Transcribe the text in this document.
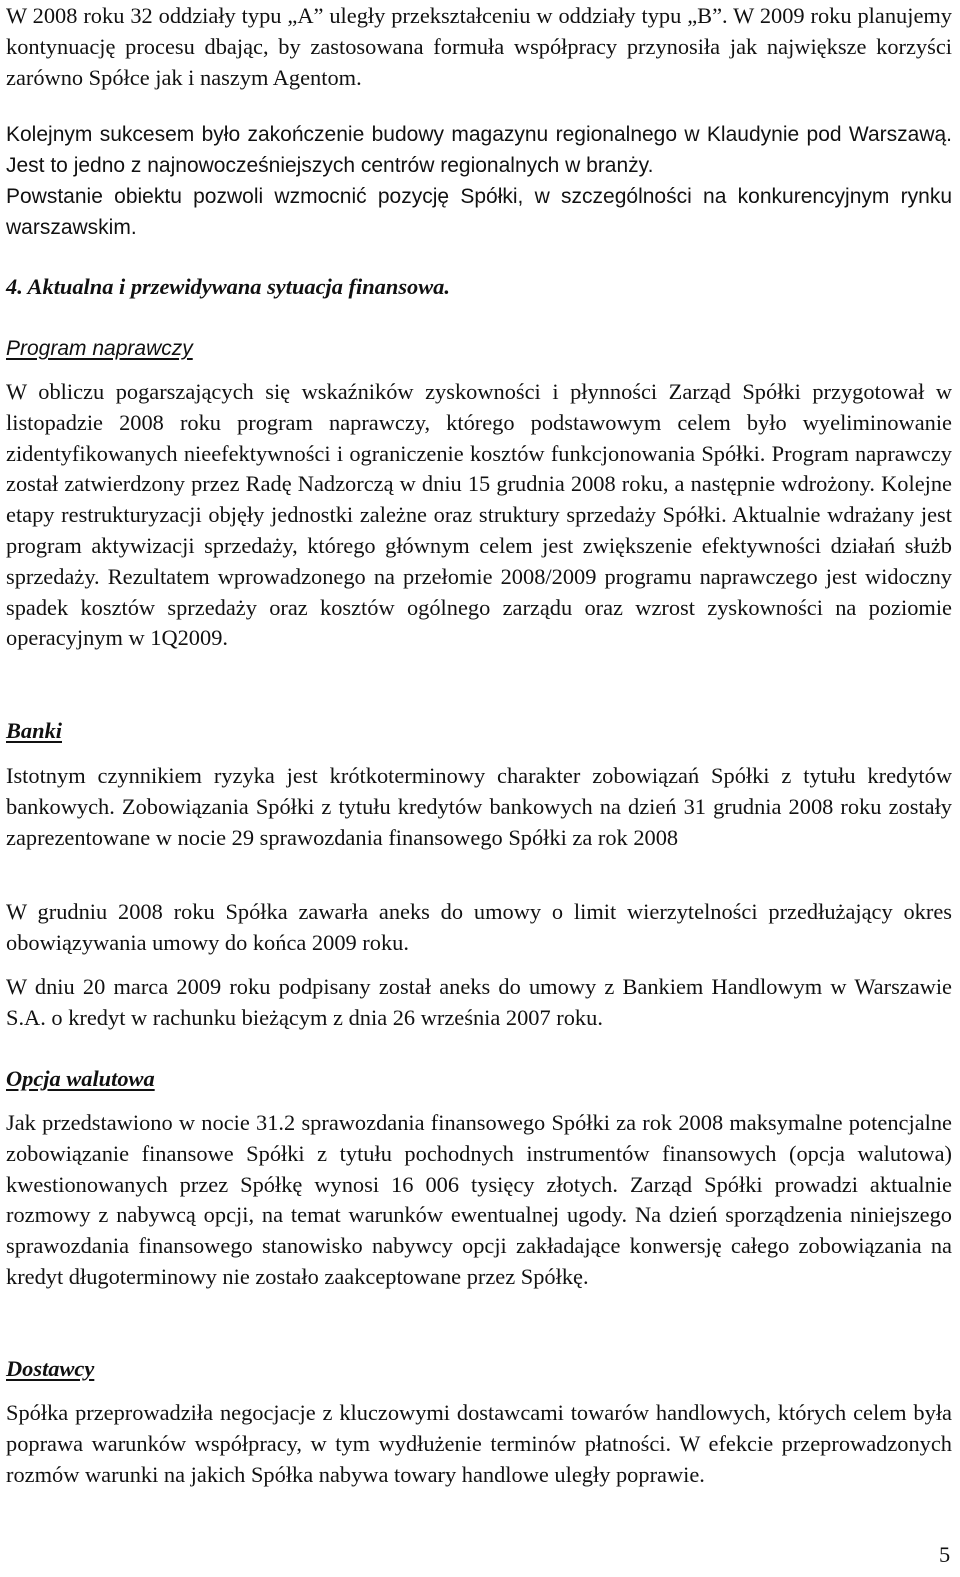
W 2008 roku 32 oddziały typu „A” uległy przekształceniu w oddziały typu „B”. W 2009 roku planujemy kontynuację procesu dbając, by zastosowana formuła współpracy przynosiła jak największe korzyści zarówno Spółce jak i naszym Agentom.

Kolejnym sukcesem było zakończenie budowy magazynu regionalnego w Klaudynie pod Warszawą. Jest to jedno z najnowocześniejszych centrów regionalnych w branży.

Powstanie obiektu pozwoli wzmocnić pozycję Spółki, w szczególności na konkurencyjnym rynku warszawskim.

4. Aktualna i przewidywana sytuacja finansowa.

Program naprawczy

W obliczu pogarszających się wskaźników zyskowności i płynności Zarząd Spółki przygotował w listopadzie 2008 roku program naprawczy, którego podstawowym celem było wyeliminowanie zidentyfikowanych nieefektywności i ograniczenie kosztów funkcjonowania Spółki. Program naprawczy został zatwierdzony przez Radę Nadzorczą w dniu 15 grudnia 2008 roku, a następnie wdrożony. Kolejne etapy restrukturyzacji objęły jednostki zależne oraz struktury sprzedaży Spółki. Aktualnie wdrażany jest program aktywizacji sprzedaży, którego głównym celem jest zwiększenie efektywności działań służb sprzedaży. Rezultatem wprowadzonego na przełomie 2008/2009 programu naprawczego jest widoczny spadek kosztów sprzedaży oraz kosztów ogólnego zarządu oraz wzrost zyskowności na poziomie operacyjnym w 1Q2009.

Banki

Istotnym czynnikiem ryzyka jest krótkoterminowy charakter zobowiązań Spółki z tytułu kredytów bankowych. Zobowiązania Spółki z tytułu kredytów bankowych na dzień 31 grudnia 2008 roku zostały zaprezentowane w nocie 29 sprawozdania finansowego Spółki za rok 2008

W grudniu 2008 roku Spółka zawarła aneks do umowy o limit wierzytelności przedłużający okres obowiązywania umowy do końca 2009 roku.

W dniu 20 marca 2009 roku podpisany został aneks do umowy z Bankiem Handlowym w Warszawie S.A. o kredyt w rachunku bieżącym z dnia 26 września 2007 roku.

Opcja walutowa

Jak przedstawiono w nocie 31.2 sprawozdania finansowego Spółki za rok 2008 maksymalne potencjalne zobowiązanie finansowe Spółki z tytułu pochodnych instrumentów finansowych (opcja walutowa) kwestionowanych przez Spółkę wynosi 16 006 tysięcy złotych. Zarząd Spółki prowadzi aktualnie rozmowy z nabywcą opcji, na temat warunków ewentualnej ugody. Na dzień sporządzenia niniejszego sprawozdania finansowego stanowisko nabywcy opcji zakładające konwersję całego zobowiązania na kredyt długoterminowy nie zostało zaakceptowane przez Spółkę.

Dostawcy

Spółka przeprowadziła negocjacje z kluczowymi dostawcami towarów handlowych, których celem była poprawa warunków współpracy, w tym wydłużenie terminów płatności. W efekcie przeprowadzonych rozmów warunki na jakich Spółka nabywa towary handlowe uległy poprawie.

5
